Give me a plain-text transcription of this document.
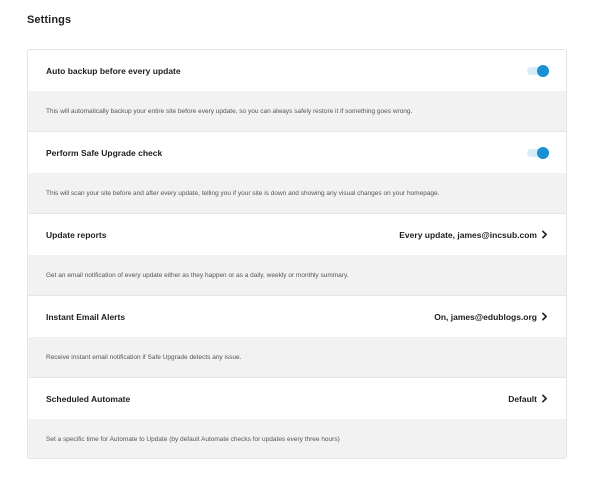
Settings
Auto backup before every update
This will automatically backup your entire site before every update, so you can always safely restore it if something goes wrong.
Perform Safe Upgrade check
This will scan your site before and after every update, telling you if your site is down and showing any visual changes on your homepage.
Update reports	Every update, james@incsub.com
Get an email notification of every update either as they happen or as a daily, weekly or monthly summary.
Instant Email Alerts	On, james@edublogs.org
Receive instant email notification if Safe Upgrade detects any issue.
Scheduled Automate	Default
Set a specific time for Automate to Update (by default Automate checks for updates every three hours)
